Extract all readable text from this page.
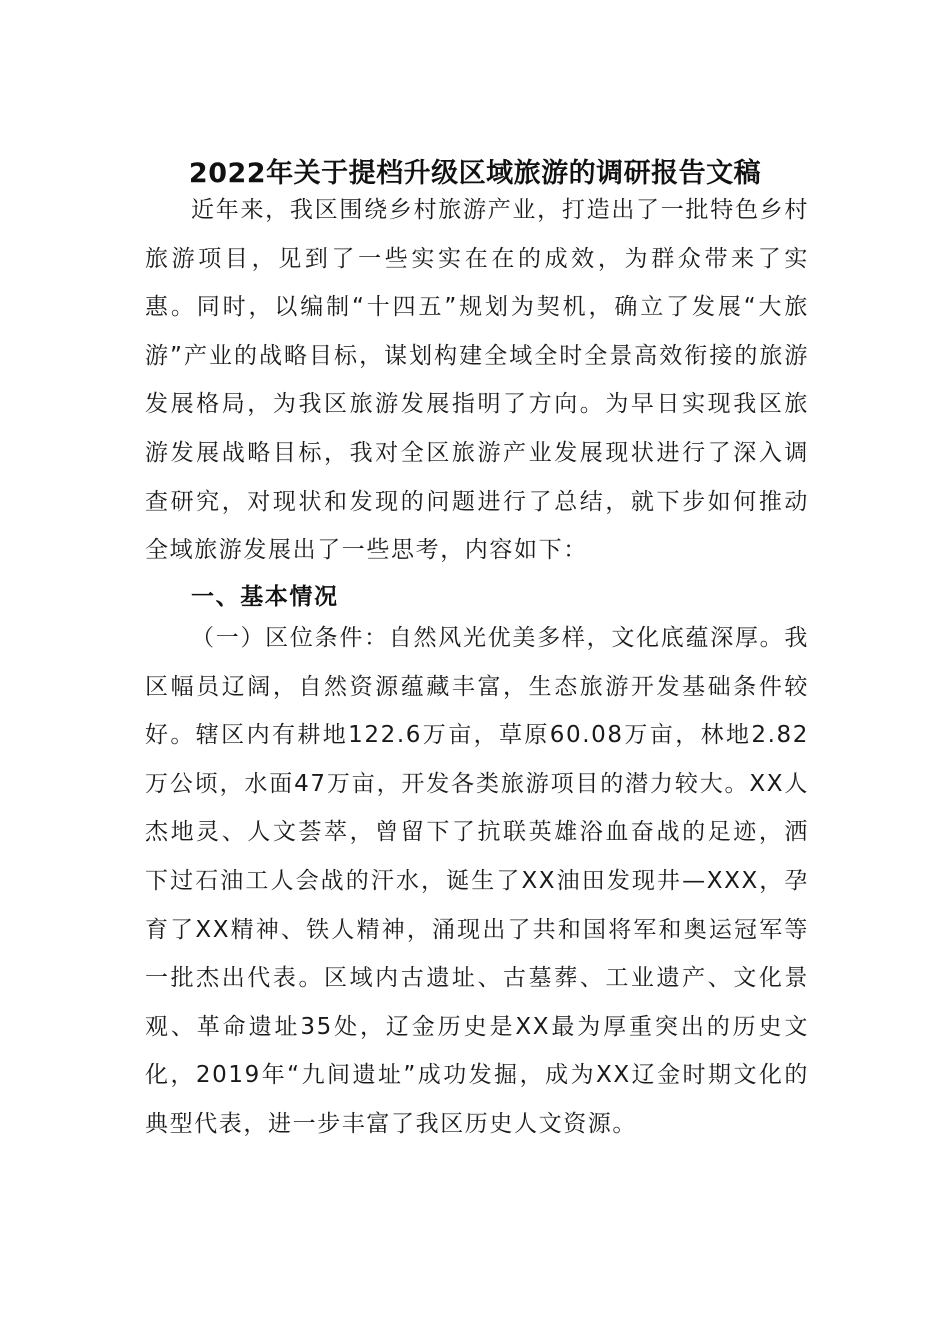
2022年关于提档升级区域旅游的调研报告文稿

近年来，我区围绕乡村旅游产业，打造出了一批特色乡村旅游项目，见到了一些实实在在的成效，为群众带来了实惠。同时，以编制“十四五”规划为契机，确立了发展“大旅游”产业的战略目标，谋划构建全域全时全景高效衔接的旅游发展格局，为我区旅游发展指明了方向。为早日实现我区旅游发展战略目标，我对全区旅游产业发展现状进行了深入调查研究，对现状和发现的问题进行了总结，就下步如何推动全域旅游发展出了一些思考，内容如下：

一、基本情况

（一）区位条件：自然风光优美多样，文化底蕴深厚。我区幅员辽阔，自然资源蕴藏丰富，生态旅游开发基础条件较好。辖区内有耕地122.6万亩，草原60.08万亩，林地2.82万公顷，水面47万亩，开发各类旅游项目的潜力较大。XX人杰地灵、人文荟萃，曾留下了抗联英雄浴血奋战的足迹，洒下过石油工人会战的汗水，诞生了XX油田发现井—XXX，孕育了XX精神、铁人精神，涌现出了共和国将军和奥运冠军等一批杰出代表。区域内古遗址、古墓葬、工业遗产、文化景观、革命遗址35处，辽金历史是XX最为厚重突出的历史文化，2019年“九间遗址”成功发掘，成为XX辽金时期文化的典型代表，进一步丰富了我区历史人文资源。
